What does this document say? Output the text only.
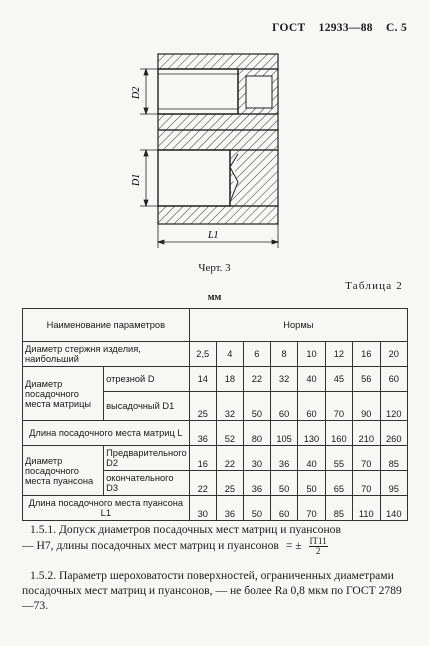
ГОСТ 12933—88 С. 5
D2
D1
L1
Черт. 3
Таблица 2
мм
Наименование параметров		Нормы							
Диаметр стержня изделия, наибольший		2,5	4	6	8	10	12	16	20
Диаметр посадочного места матрицы	отрезной D	14	18	22	32	40	45	56	60
	высадочный D1	25	32	50	60	60	70	90	120
Длина посадочного места матриц L		36	52	80	105	130	160	210	260
Диаметр посадочного места пуансона	Предварительного D2	16	22	30	36	40	55	70	85
	окончательного D3	22	25	36	50	50	65	70	95
Длина посадочного места пуансона L1		30	36	50	60	70	85	110	140
1.5.1. Допуск диаметров посадочных мест матриц и пуансонов
— Н7, длины посадочных мест матриц и пуансонов = ± $\frac{IT11}{2}$
1.5.2. Параметр шероховатости поверхностей, ограниченных диаметрами посадочных мест матриц и пуансонов, — не более Ra 0,8 мкм по ГОСТ 2789—73.
